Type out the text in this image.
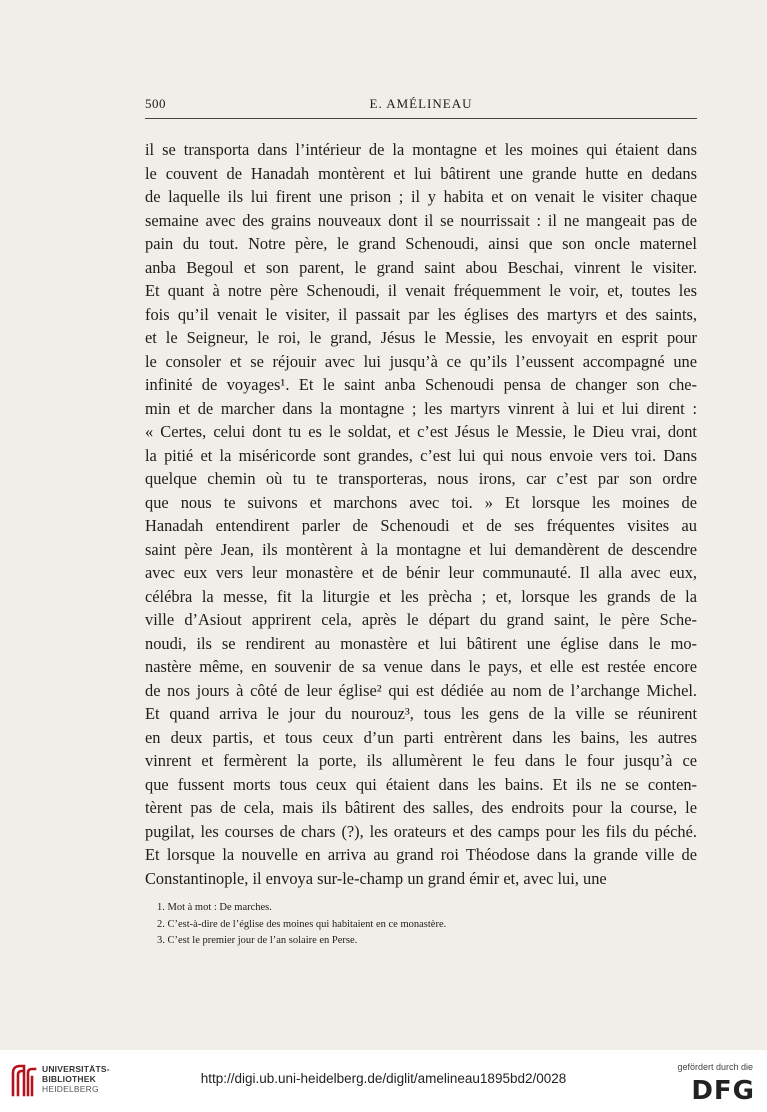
500	E. AMÉLINEAU
il se transporta dans l’intérieur de la montagne et les moines qui étaient dans
le couvent de Hanadah montèrent et lui bâtirent une grande hutte en dedans
de laquelle ils lui firent une prison ; il y habita et on venait le visiter chaque
semaine avec des grains nouveaux dont il se nourrissait : il ne mangeait pas de
pain du tout. Notre père, le grand Schenoudi, ainsi que son oncle maternel
anba Begoul et son parent, le grand saint abou Beschai, vinrent le visiter.
Et quant à notre père Schenoudi, il venait fréquemment le voir, et, toutes les
fois qu’il venait le visiter, il passait par les églises des martyrs et des saints,
et le Seigneur, le roi, le grand, Jésus le Messie, les envoyait en esprit pour
le consoler et se réjouir avec lui jusqu’à ce qu’ils l’eussent accompagné une
infinité de voyages¹. Et le saint anba Schenoudi pensa de changer son che-
min et de marcher dans la montagne ; les martyrs vinrent à lui et lui dirent :
« Certes, celui dont tu es le soldat, et c’est Jésus le Messie, le Dieu vrai, dont
la pitié et la miséricorde sont grandes, c’est lui qui nous envoie vers toi. Dans
quelque chemin où tu te transporteras, nous irons, car c’est par son ordre
que nous te suivons et marchons avec toi. » Et lorsque les moines de
Hanadah entendirent parler de Schenoudi et de ses fréquentes visites au
saint père Jean, ils montèrent à la montagne et lui demandèrent de descendre
avec eux vers leur monastère et de bénir leur communauté. Il alla avec eux,
célébra la messe, fit la liturgie et les prècha ; et, lorsque les grands de la
ville d’Asiout apprirent cela, après le départ du grand saint, le père Sche-
noudi, ils se rendirent au monastère et lui bâtirent une église dans le mo-
nastère même, en souvenir de sa venue dans le pays, et elle est restée encore
de nos jours à côté de leur église² qui est dédiée au nom de l’archange Michel.
Et quand arriva le jour du nourouz³, tous les gens de la ville se réunirent
en deux partis, et tous ceux d’un parti entrèrent dans les bains, les autres
vinrent et fermèrent la porte, ils allumèrent le feu dans le four jusqu’à ce
que fussent morts tous ceux qui étaient dans les bains. Et ils ne se conten-
tèrent pas de cela, mais ils bâtirent des salles, des endroits pour la course, le
pugilat, les courses de chars (?), les orateurs et des camps pour les fils du péché.
Et lorsque la nouvelle en arriva au grand roi Théodose dans la grande ville de
Constantinople, il envoya sur-le-champ un grand émir et, avec lui, une
1. Mot à mot : De marches.
2. C’est-à-dire de l’église des moines qui habitaient en ce monastère.
3. C’est le premier jour de l’an solaire en Perse.
UNIVERSITÄTS-
BIBLIOTHEK
HEIDELBERG
http://digi.ub.uni-heidelberg.de/diglit/amelineau1895bd2/0028
gefördert durch die
DFG
